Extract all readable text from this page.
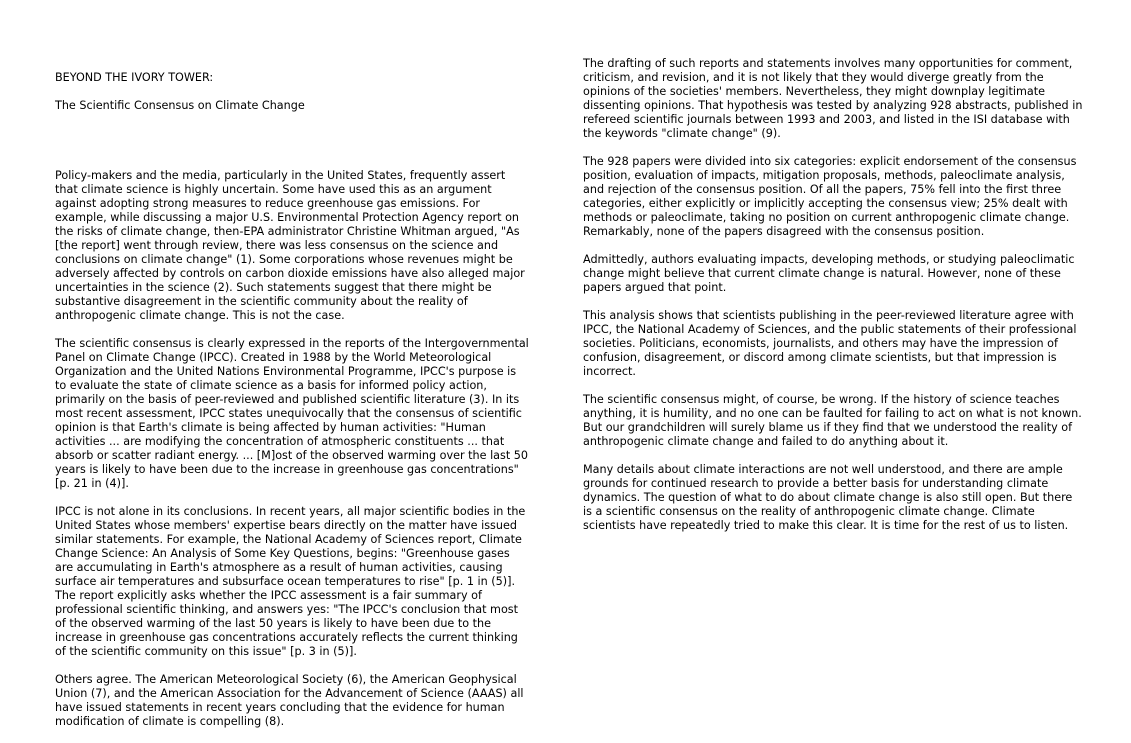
BEYOND THE IVORY TOWER:

The Scientific Consensus on Climate Change

Policy-makers and the media, particularly in the United States, frequently assert that climate science is highly uncertain. Some have used this as an argument against adopting strong measures to reduce greenhouse gas emissions. For example, while discussing a major U.S. Environmental Protection Agency report on the risks of climate change, then-EPA administrator Christine Whitman argued, "As [the report] went through review, there was less consensus on the science and conclusions on climate change" (1). Some corporations whose revenues might be adversely affected by controls on carbon dioxide emissions have also alleged major uncertainties in the science (2). Such statements suggest that there might be substantive disagreement in the scientific community about the reality of anthropogenic climate change. This is not the case.

The scientific consensus is clearly expressed in the reports of the Intergovernmental Panel on Climate Change (IPCC). Created in 1988 by the World Meteorological Organization and the United Nations Environmental Programme, IPCC's purpose is to evaluate the state of climate science as a basis for informed policy action, primarily on the basis of peer-reviewed and published scientific literature (3). In its most recent assessment, IPCC states unequivocally that the consensus of scientific opinion is that Earth's climate is being affected by human activities: "Human activities ... are modifying the concentration of atmospheric constituents ... that absorb or scatter radiant energy. ... [M]ost of the observed warming over the last 50 years is likely to have been due to the increase in greenhouse gas concentrations" [p. 21 in (4)].

IPCC is not alone in its conclusions. In recent years, all major scientific bodies in the United States whose members' expertise bears directly on the matter have issued similar statements. For example, the National Academy of Sciences report, Climate Change Science: An Analysis of Some Key Questions, begins: "Greenhouse gases are accumulating in Earth's atmosphere as a result of human activities, causing surface air temperatures and subsurface ocean temperatures to rise" [p. 1 in (5)]. The report explicitly asks whether the IPCC assessment is a fair summary of professional scientific thinking, and answers yes: "The IPCC's conclusion that most of the observed warming of the last 50 years is likely to have been due to the increase in greenhouse gas concentrations accurately reflects the current thinking of the scientific community on this issue" [p. 3 in (5)].

Others agree. The American Meteorological Society (6), the American Geophysical Union (7), and the American Association for the Advancement of Science (AAAS) all have issued statements in recent years concluding that the evidence for human modification of climate is compelling (8).

The drafting of such reports and statements involves many opportunities for comment, criticism, and revision, and it is not likely that they would diverge greatly from the opinions of the societies' members. Nevertheless, they might downplay legitimate dissenting opinions. That hypothesis was tested by analyzing 928 abstracts, published in refereed scientific journals between 1993 and 2003, and listed in the ISI database with the keywords "climate change" (9).

The 928 papers were divided into six categories: explicit endorsement of the consensus position, evaluation of impacts, mitigation proposals, methods, paleoclimate analysis, and rejection of the consensus position. Of all the papers, 75% fell into the first three categories, either explicitly or implicitly accepting the consensus view; 25% dealt with methods or paleoclimate, taking no position on current anthropogenic climate change. Remarkably, none of the papers disagreed with the consensus position.

Admittedly, authors evaluating impacts, developing methods, or studying paleoclimatic change might believe that current climate change is natural. However, none of these papers argued that point.

This analysis shows that scientists publishing in the peer-reviewed literature agree with IPCC, the National Academy of Sciences, and the public statements of their professional societies. Politicians, economists, journalists, and others may have the impression of confusion, disagreement, or discord among climate scientists, but that impression is incorrect.

The scientific consensus might, of course, be wrong. If the history of science teaches anything, it is humility, and no one can be faulted for failing to act on what is not known. But our grandchildren will surely blame us if they find that we understood the reality of anthropogenic climate change and failed to do anything about it.

Many details about climate interactions are not well understood, and there are ample grounds for continued research to provide a better basis for understanding climate dynamics. The question of what to do about climate change is also still open. But there is a scientific consensus on the reality of anthropogenic climate change. Climate scientists have repeatedly tried to make this clear. It is time for the rest of us to listen.
